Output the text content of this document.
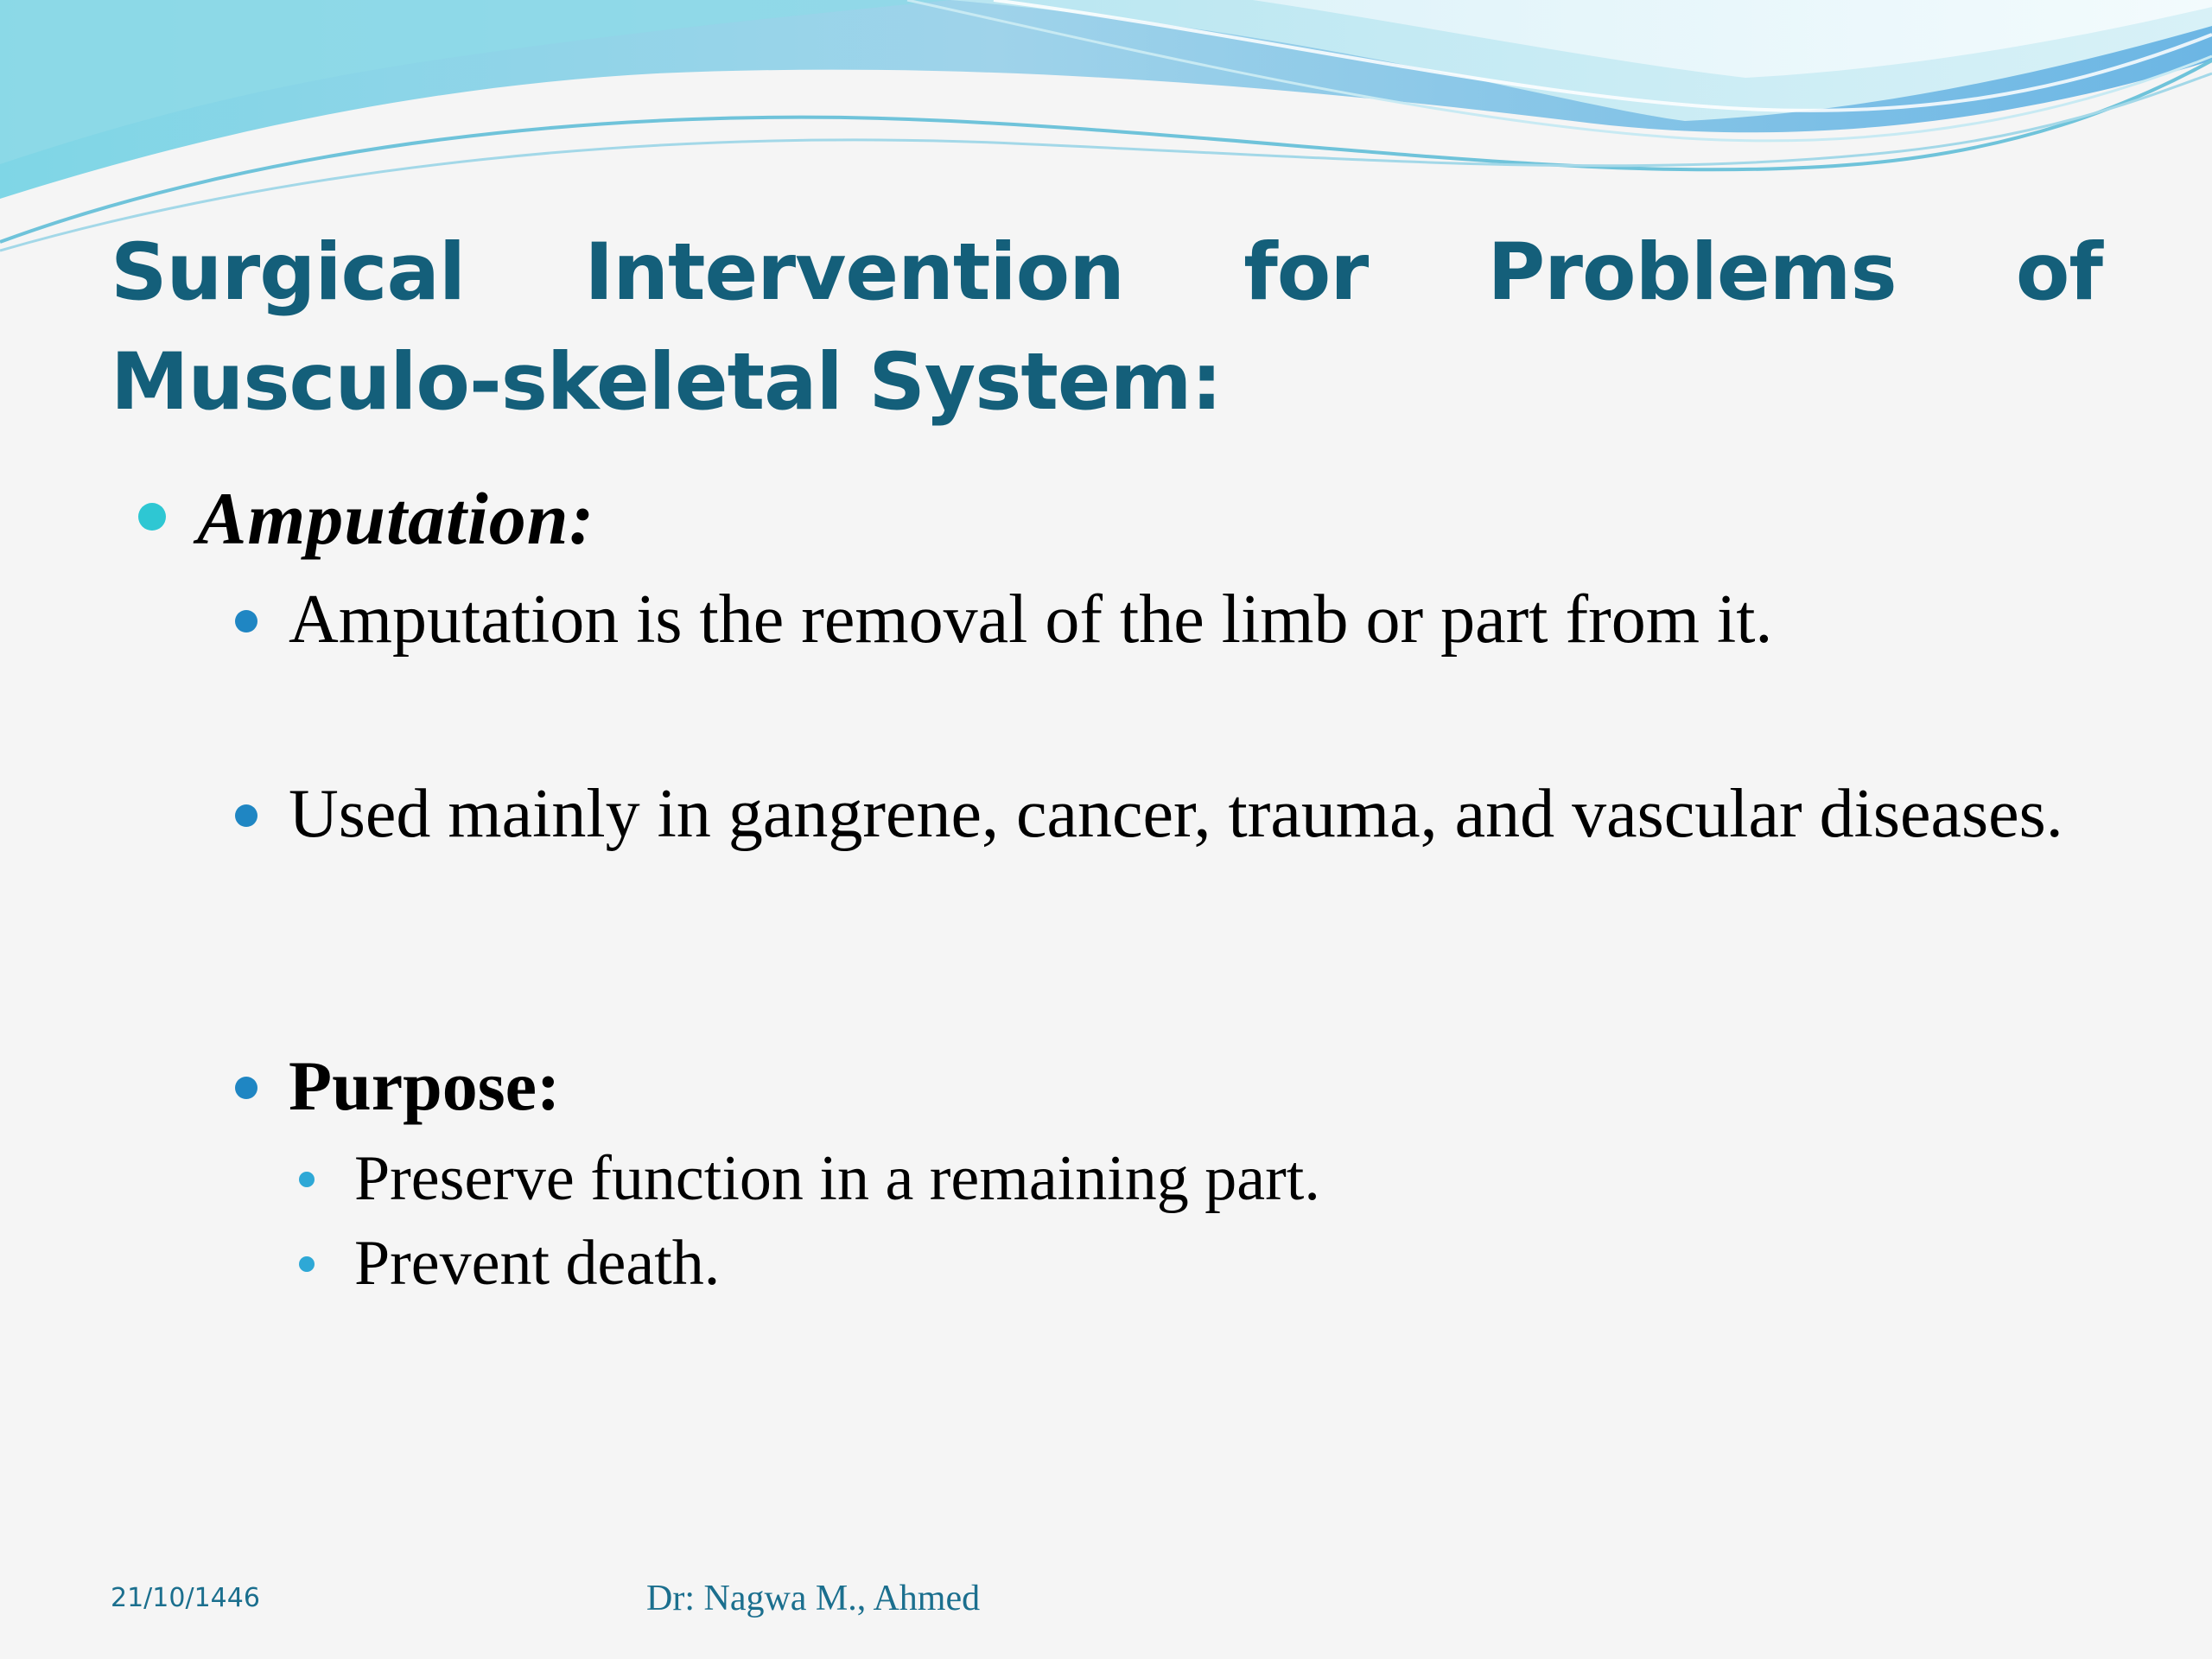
Surgical Intervention for Problems of Musculo-skeletal System:
Amputation:
Amputation is the removal of the limb or part from it.
Used mainly in gangrene, cancer, trauma, and vascular diseases.
Purpose:
Preserve function in a remaining part.
Prevent death.
21/10/1446	Dr: Nagwa M., Ahmed
